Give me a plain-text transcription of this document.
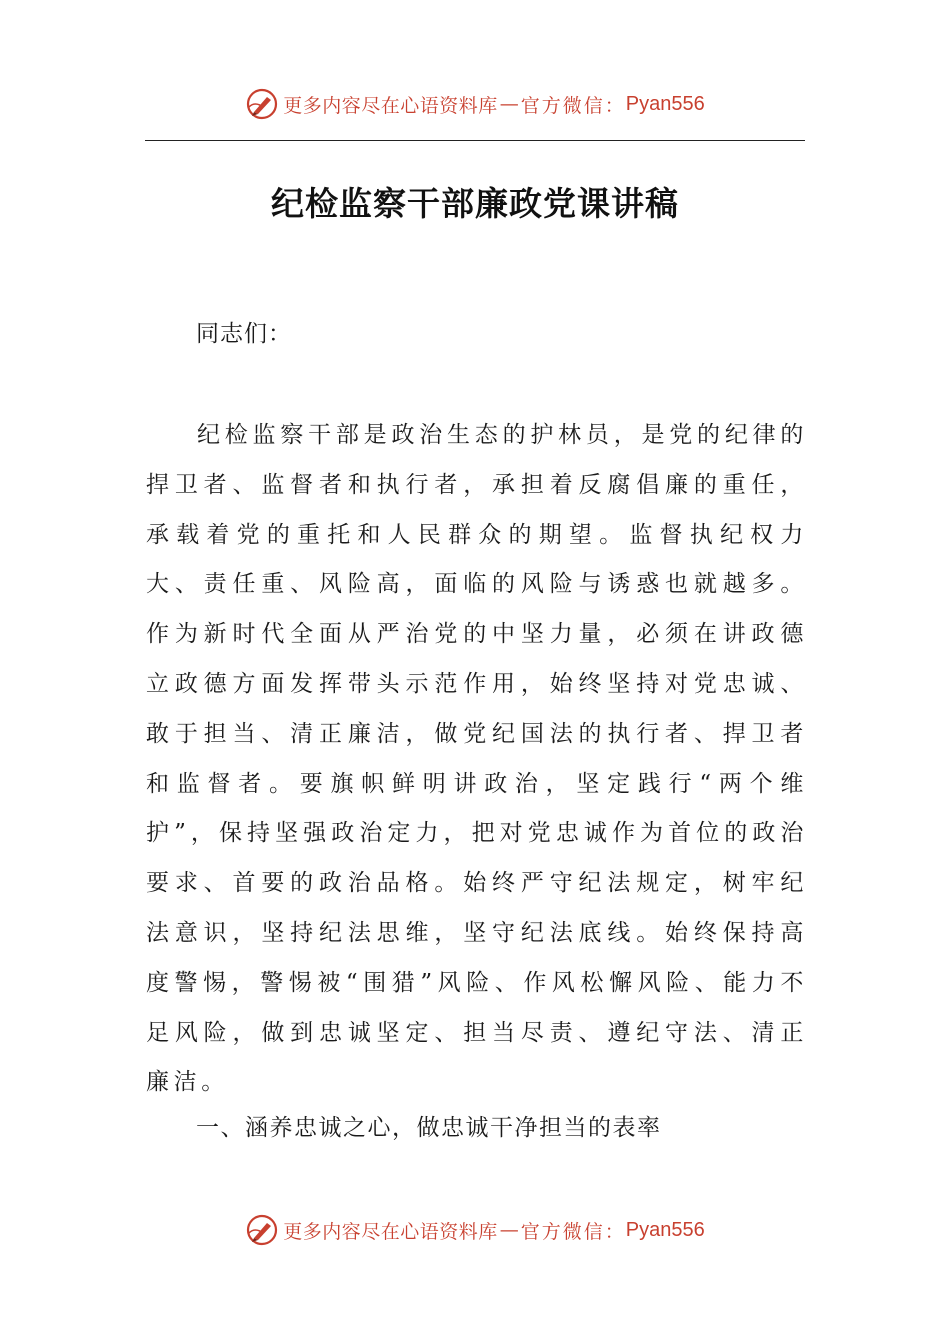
更多内容尽在心语资料库 — 官方微信： Pyan556
纪检监察干部廉政党课讲稿
同志们：
纪检监察干部是政治生态的护林员，是党的纪律的捍卫者、监督者和执行者，承担着反腐倡廉的重任，承载着党的重托和人民群众的期望。监督执纪权力大、责任重、风险高，面临的风险与诱惑也就越多。作为新时代全面从严治党的中坚力量，必须在讲政德立政德方面发挥带头示范作用，始终坚持对党忠诚、敢于担当、清正廉洁，做党纪国法的执行者、捍卫者和监督者。要旗帜鲜明讲政治，坚定践行“两个维护”，保持坚强政治定力，把对党忠诚作为首位的政治要求、首要的政治品格。始终严守纪法规定，树牢纪法意识，坚持纪法思维，坚守纪法底线。始终保持高度警惕，警惕被“围猎”风险、作风松懈风险、能力不足风险，做到忠诚坚定、担当尽责、遵纪守法、清正廉洁。
一、涵养忠诚之心，做忠诚干净担当的表率
更多内容尽在心语资料库 — 官方微信： Pyan556
